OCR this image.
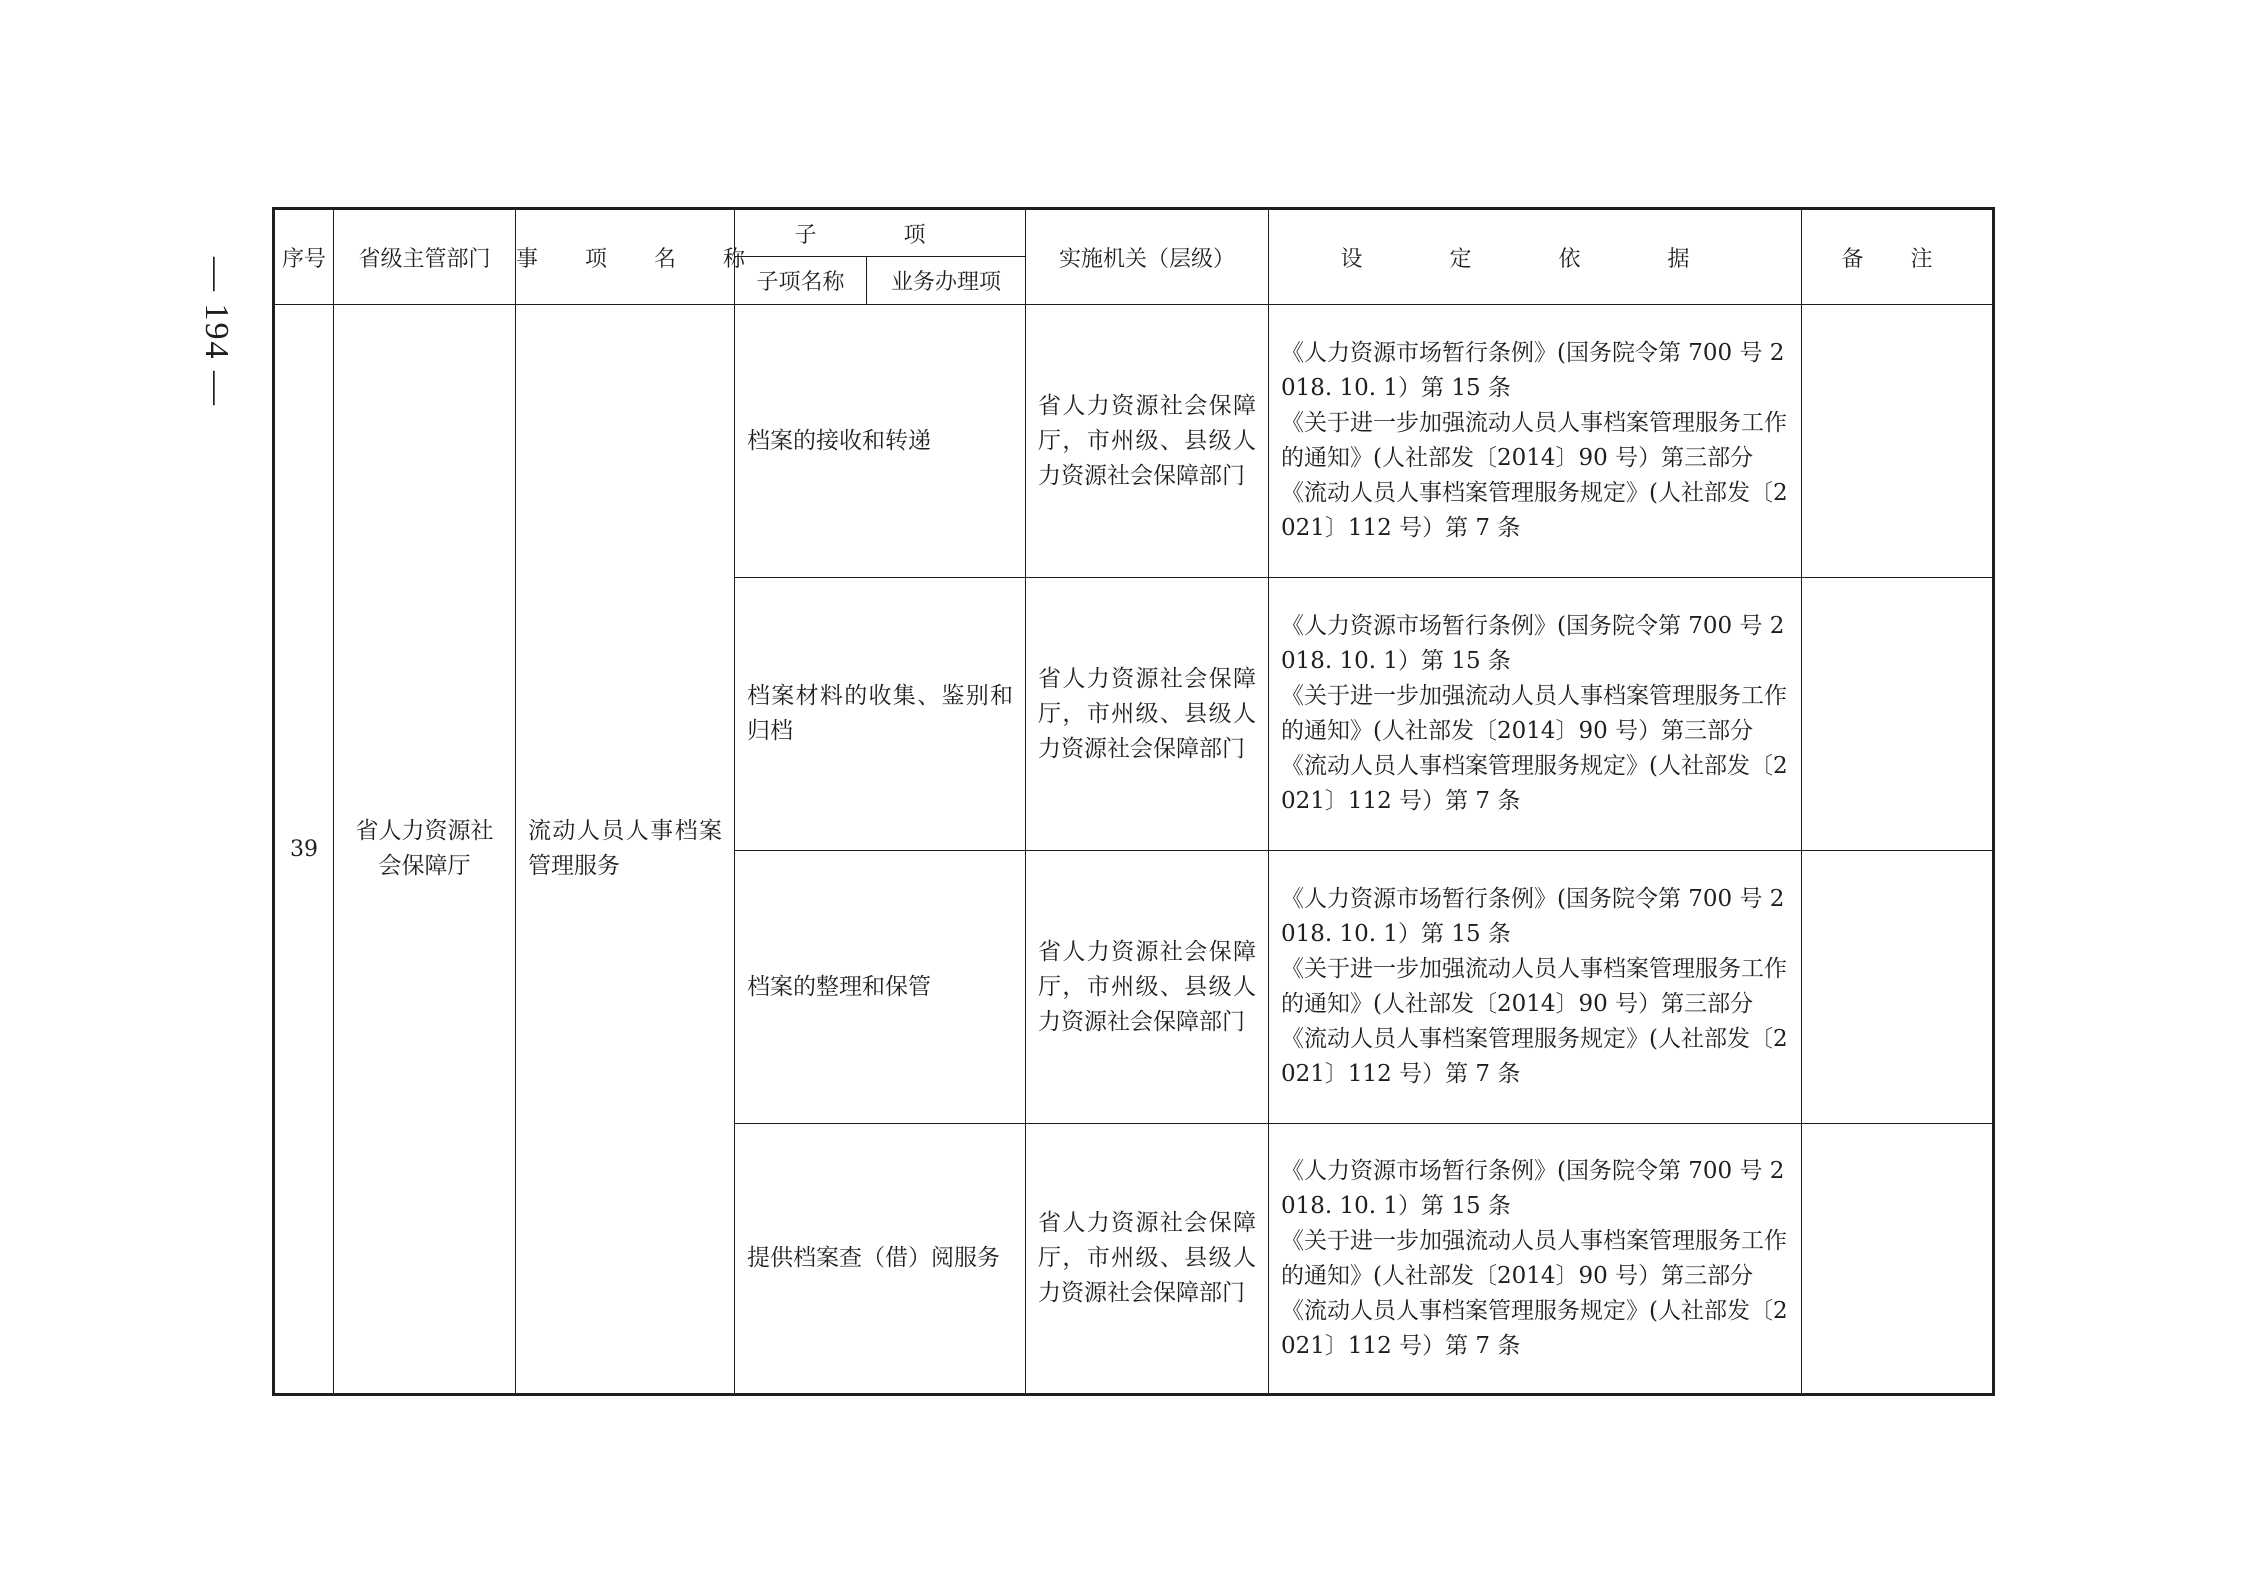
— 194 — 序号	省级主管部门	事 项 名 称	子 项		实施机关（层级）	设 定 依 据	备 注
			子项名称	业务办理项			
39	省人力资源社会保障厅	流动人员人事档案管理服务	档案的接收和转递		省人力资源社会保障厅，市州级、县级人力资源社会保障部门	《人力资源市场暂行条例》(国务院令第 700 号 2018. 10. 1）第 15 条
《关于进一步加强流动人员人事档案管理服务工作的通知》(人社部发〔2014〕90 号）第三部分
《流动人员人事档案管理服务规定》(人社部发〔2021〕112 号）第 7 条	

			档案材料的收集、鉴别和归档		省人力资源社会保障厅，市州级、县级人力资源社会保障部门	《人力资源市场暂行条例》(国务院令第 700 号 2018. 10. 1）第 15 条
《关于进一步加强流动人员人事档案管理服务工作的通知》(人社部发〔2014〕90 号）第三部分
《流动人员人事档案管理服务规定》(人社部发〔2021〕112 号）第 7 条	

			档案的整理和保管		省人力资源社会保障厅，市州级、县级人力资源社会保障部门	《人力资源市场暂行条例》(国务院令第 700 号 2018. 10. 1）第 15 条
《关于进一步加强流动人员人事档案管理服务工作的通知》(人社部发〔2014〕90 号）第三部分
《流动人员人事档案管理服务规定》(人社部发〔2021〕112 号）第 7 条	

			提供档案查（借）阅服务		省人力资源社会保障厅，市州级、县级人力资源社会保障部门	《人力资源市场暂行条例》(国务院令第 700 号 2018. 10. 1）第 15 条
《关于进一步加强流动人员人事档案管理服务工作的通知》(人社部发〔2014〕90 号）第三部分
《流动人员人事档案管理服务规定》(人社部发〔2021〕112 号）第 7 条	
